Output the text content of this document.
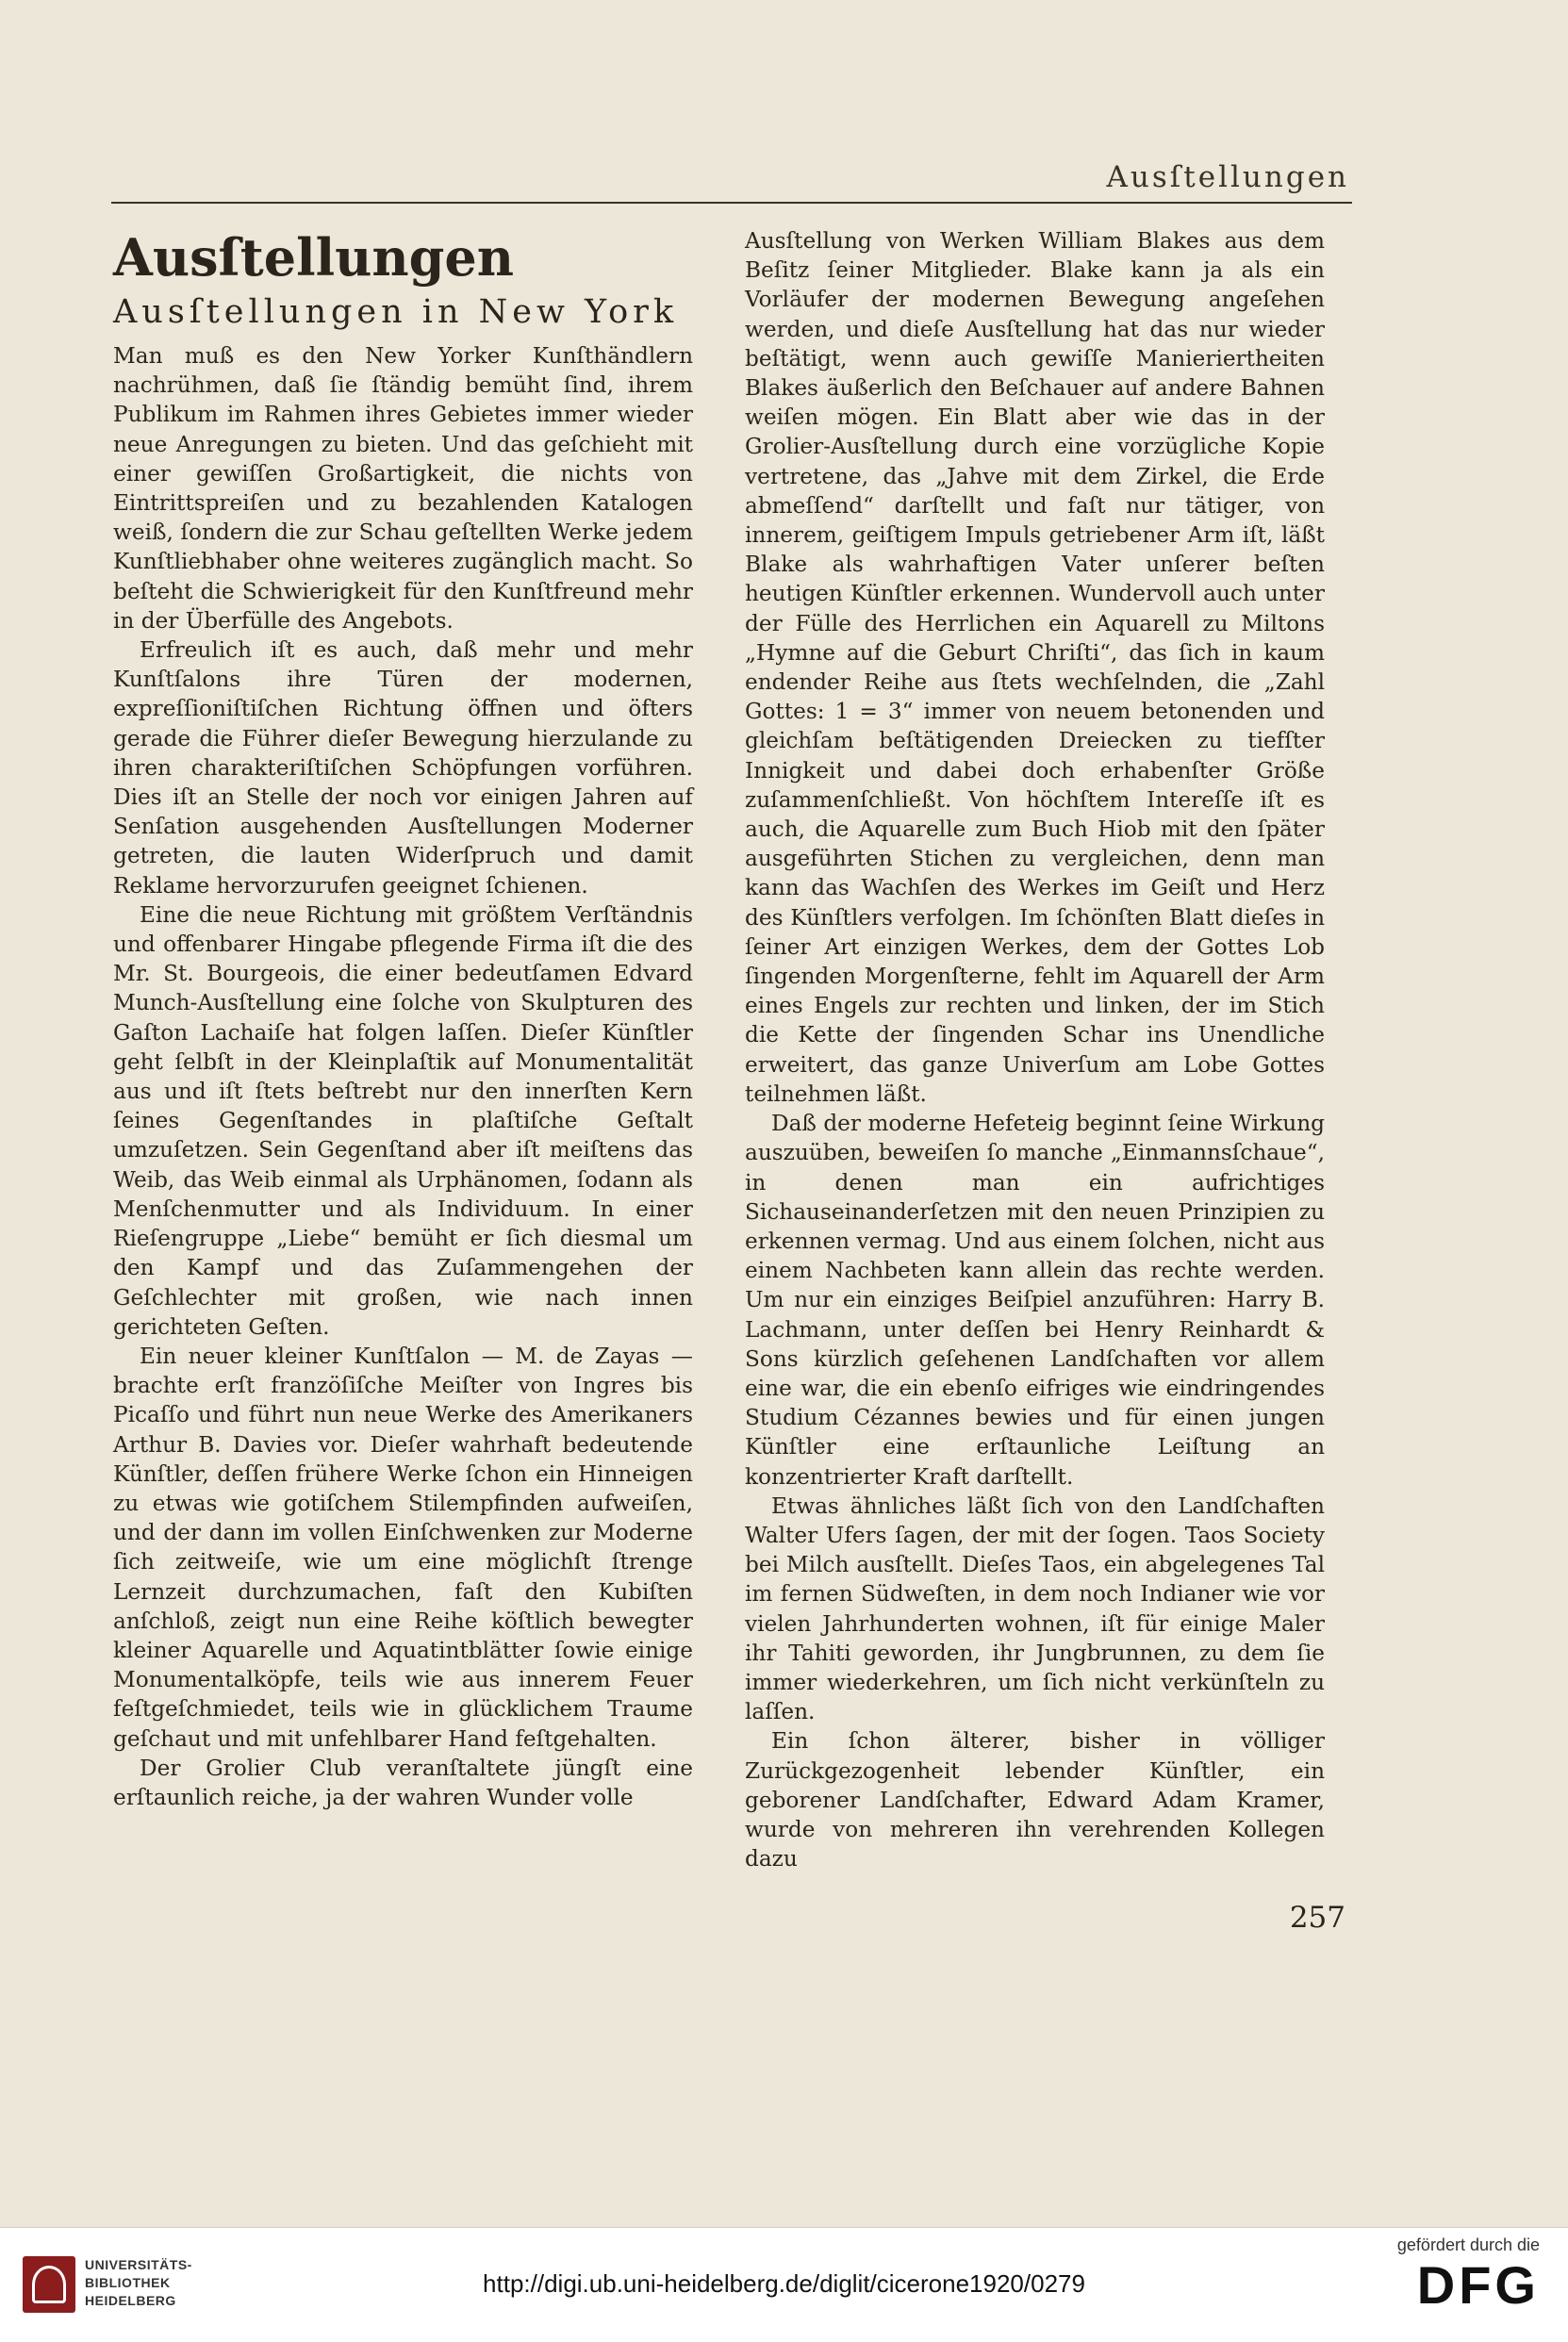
Ausſtellungen
Ausſtellungen
Ausſtellungen in New York

Man muß es den New Yorker Kunſthändlern nachrühmen, daß ſie ſtändig bemüht ſind, ihrem Publikum im Rahmen ihres Gebietes immer wieder neue Anregungen zu bieten. Und das geſchieht mit einer gewiſſen Großartigkeit, die nichts von Eintrittspreiſen und zu bezahlenden Katalogen weiß, ſondern die zur Schau geſtellten Werke jedem Kunſtliebhaber ohne weiteres zugänglich macht. So beſteht die Schwierigkeit für den Kunſtfreund mehr in der Überfülle des Angebots.

Erfreulich iſt es auch, daß mehr und mehr Kunſtſalons ihre Türen der modernen, expreſſioniſtiſchen Richtung öffnen und öfters gerade die Führer dieſer Bewegung hierzulande zu ihren charakteriſtiſchen Schöpfungen vorführen. Dies iſt an Stelle der noch vor einigen Jahren auf Senſation ausgehenden Ausſtellungen Moderner getreten, die lauten Widerſpruch und damit Reklame hervorzurufen geeignet ſchienen.

Eine die neue Richtung mit größtem Verſtändnis und offenbarer Hingabe pflegende Firma iſt die des Mr. St. Bourgeois, die einer bedeutſamen Edvard Munch-Ausſtellung eine ſolche von Skulpturen des Gaſton Lachaiſe hat folgen laſſen. Dieſer Künſtler geht ſelbſt in der Kleinplaſtik auf Monumentalität aus und iſt ſtets beſtrebt nur den innerſten Kern ſeines Gegenſtandes in plaſtiſche Geſtalt umzuſetzen. Sein Gegenſtand aber iſt meiſtens das Weib, das Weib einmal als Urphänomen, ſodann als Menſchenmutter und als Individuum. In einer Rieſengruppe „Liebe“ bemüht er ſich diesmal um den Kampf und das Zuſammengehen der Geſchlechter mit großen, wie nach innen gerichteten Geſten.

Ein neuer kleiner Kunſtſalon — M. de Zayas — brachte erſt franzöſiſche Meiſter von Ingres bis Picaſſo und führt nun neue Werke des Amerikaners Arthur B. Davies vor. Dieſer wahrhaft bedeutende Künſtler, deſſen frühere Werke ſchon ein Hinneigen zu etwas wie gotiſchem Stilempfinden aufweiſen, und der dann im vollen Einſchwenken zur Moderne ſich zeitweiſe, wie um eine möglichſt ſtrenge Lernzeit durchzumachen, faſt den Kubiſten anſchloß, zeigt nun eine Reihe köſtlich bewegter kleiner Aquarelle und Aquatintblätter ſowie einige Monumentalköpfe, teils wie aus innerem Feuer feſtgeſchmiedet, teils wie in glücklichem Traume geſchaut und mit unfehlbarer Hand feſtgehalten.

Der Grolier Club veranſtaltete jüngſt eine erſtaunlich reiche, ja der wahren Wunder volle

Ausſtellung von Werken William Blakes aus dem Beſitz ſeiner Mitglieder. Blake kann ja als ein Vorläufer der modernen Bewegung angeſehen werden, und dieſe Ausſtellung hat das nur wieder beſtätigt, wenn auch gewiſſe Manieriertheiten Blakes äußerlich den Beſchauer auf andere Bahnen weiſen mögen. Ein Blatt aber wie das in der Grolier-Ausſtellung durch eine vorzügliche Kopie vertretene, das „Jahve mit dem Zirkel, die Erde abmeſſend“ darſtellt und faſt nur tätiger, von innerem, geiſtigem Impuls getriebener Arm iſt, läßt Blake als wahrhaftigen Vater unſerer beſten heutigen Künſtler erkennen. Wundervoll auch unter der Fülle des Herrlichen ein Aquarell zu Miltons „Hymne auf die Geburt Chriſti“, das ſich in kaum endender Reihe aus ſtets wechſelnden, die „Zahl Gottes: 1 = 3“ immer von neuem betonenden und gleichſam beſtätigenden Dreiecken zu tiefſter Innigkeit und dabei doch erhabenſter Größe zuſammenſchließt. Von höchſtem Intereſſe iſt es auch, die Aquarelle zum Buch Hiob mit den ſpäter ausgeführten Stichen zu vergleichen, denn man kann das Wachſen des Werkes im Geiſt und Herz des Künſtlers verfolgen. Im ſchönſten Blatt dieſes in ſeiner Art einzigen Werkes, dem der Gottes Lob ſingenden Morgenſterne, fehlt im Aquarell der Arm eines Engels zur rechten und linken, der im Stich die Kette der ſingenden Schar ins Unendliche erweitert, das ganze Univerſum am Lobe Gottes teilnehmen läßt.

Daß der moderne Hefeteig beginnt ſeine Wirkung auszuüben, beweiſen ſo manche „Einmannsſchaue“, in denen man ein aufrichtiges Sichauseinanderſetzen mit den neuen Prinzipien zu erkennen vermag. Und aus einem ſolchen, nicht aus einem Nachbeten kann allein das rechte werden. Um nur ein einziges Beiſpiel anzuführen: Harry B. Lachmann, unter deſſen bei Henry Reinhardt & Sons kürzlich geſehenen Landſchaften vor allem eine war, die ein ebenſo eifriges wie eindringendes Studium Cézannes bewies und für einen jungen Künſtler eine erſtaunliche Leiſtung an konzentrierter Kraft darſtellt.

Etwas ähnliches läßt ſich von den Landſchaften Walter Ufers ſagen, der mit der ſogen. Taos Society bei Milch ausſtellt. Dieſes Taos, ein abgelegenes Tal im fernen Südweſten, in dem noch Indianer wie vor vielen Jahrhunderten wohnen, iſt für einige Maler ihr Tahiti geworden, ihr Jungbrunnen, zu dem ſie immer wiederkehren, um ſich nicht verkünſteln zu laſſen.

Ein ſchon älterer, bisher in völliger Zurückgezogenheit lebender Künſtler, ein geborener Landſchafter, Edward Adam Kramer, wurde von mehreren ihn verehrenden Kollegen dazu

257
UNIVERSITÄTS-
BIBLIOTHEK
HEIDELBERG
http://digi.ub.uni-heidelberg.de/diglit/cicerone1920/0279
gefördert durch die
DFG
